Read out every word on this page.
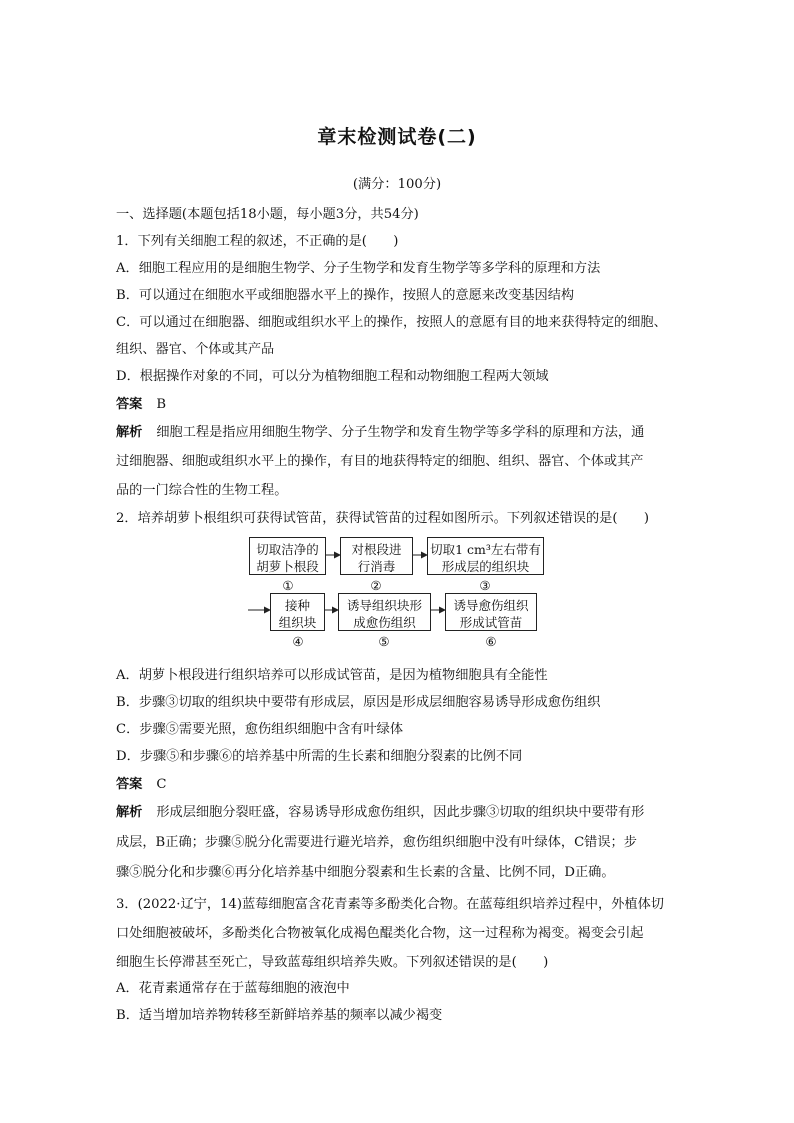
章末检测试卷(二)
(满分：100分)
一、选择题(本题包括18小题，每小题3分，共54分)
1．下列有关细胞工程的叙述，不正确的是(　　)
A．细胞工程应用的是细胞生物学、分子生物学和发育生物学等多学科的原理和方法
B．可以通过在细胞水平或细胞器水平上的操作，按照人的意愿来改变基因结构
C．可以通过在细胞器、细胞或组织水平上的操作，按照人的意愿有目的地来获得特定的细胞、
组织、器官、个体或其产品
D．根据操作对象的不同，可以分为植物细胞工程和动物细胞工程两大领域
答案 B
解析 细胞工程是指应用细胞生物学、分子生物学和发育生物学等多学科的原理和方法，通
过细胞器、细胞或组织水平上的操作，有目的地获得特定的细胞、组织、器官、个体或其产
品的一门综合性的生物工程。
2．培养胡萝卜根组织可获得试管苗，获得试管苗的过程如图所示。下列叙述错误的是(　　)
切取洁净的
胡萝卜根段
①
对根段进
行消毒
②
切取1 cm³左右带有
形成层的组织块
③
接种
组织块
④
诱导组织块形
成愈伤组织
⑤
诱导愈伤组织
形成试管苗
⑥
A．胡萝卜根段进行组织培养可以形成试管苗，是因为植物细胞具有全能性
B．步骤③切取的组织块中要带有形成层，原因是形成层细胞容易诱导形成愈伤组织
C．步骤⑤需要光照，愈伤组织细胞中含有叶绿体
D．步骤⑤和步骤⑥的培养基中所需的生长素和细胞分裂素的比例不同
答案 C
解析 形成层细胞分裂旺盛，容易诱导形成愈伤组织，因此步骤③切取的组织块中要带有形
成层，B正确；步骤⑤脱分化需要进行避光培养，愈伤组织细胞中没有叶绿体，C错误；步
骤⑤脱分化和步骤⑥再分化培养基中细胞分裂素和生长素的含量、比例不同，D正确。
3．(2022·辽宁，14)蓝莓细胞富含花青素等多酚类化合物。在蓝莓组织培养过程中，外植体切
口处细胞被破坏，多酚类化合物被氧化成褐色醌类化合物，这一过程称为褐变。褐变会引起
细胞生长停滞甚至死亡，导致蓝莓组织培养失败。下列叙述错误的是(　　)
A．花青素通常存在于蓝莓细胞的液泡中
B．适当增加培养物转移至新鲜培养基的频率以减少褐变
